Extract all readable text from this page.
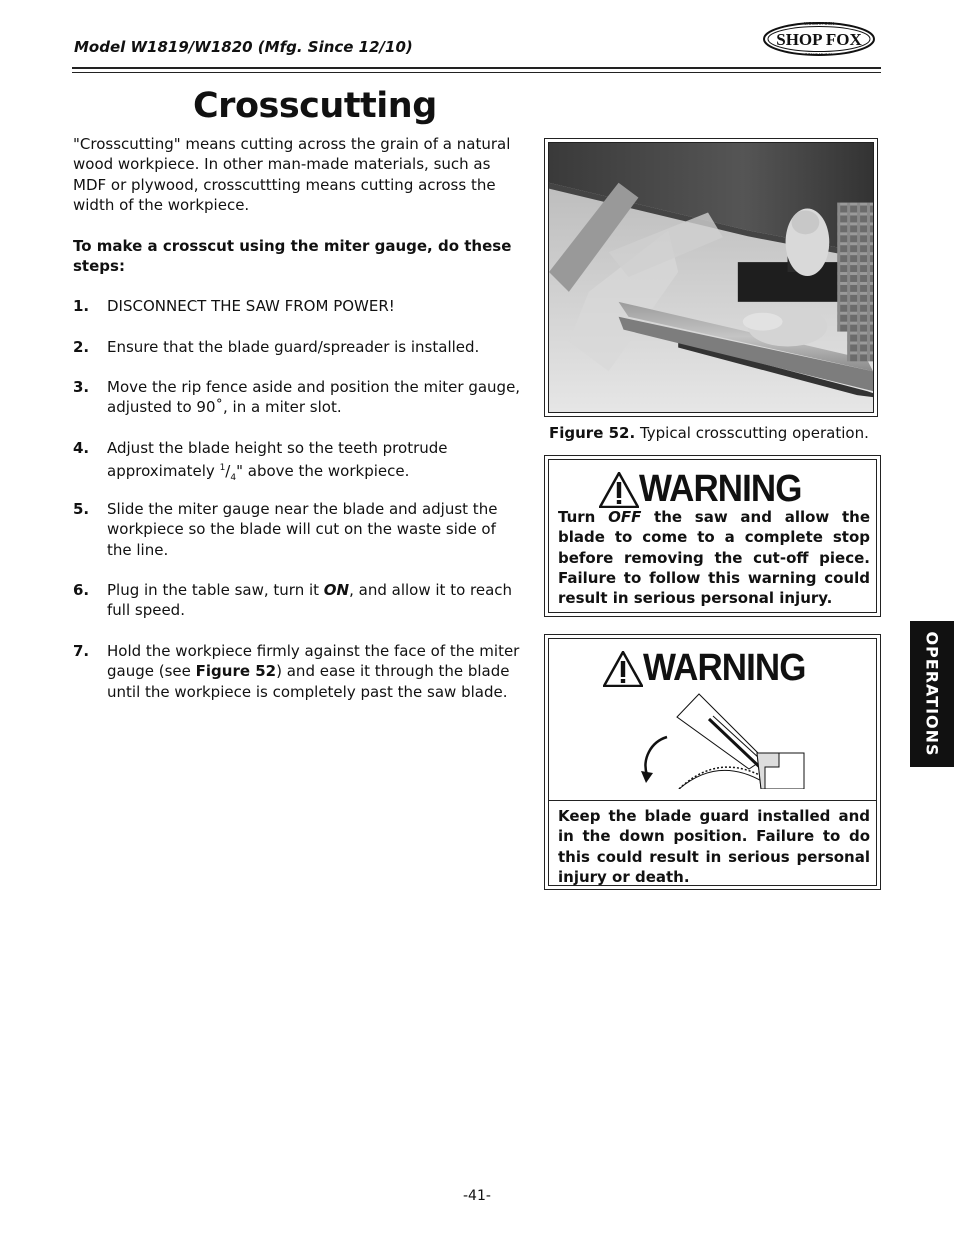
Model W1819/W1820 (Mfg. Since 12/10)	SHOP FOX
WOODSTOCK
INTERNATIONAL
Crosscutting
"Crosscutting" means cutting across the grain of a natural wood workpiece. In other man-made materials, such as MDF or plywood, crosscuttting means cutting across the width of the workpiece.
To make a crosscut using the miter gauge, do these steps:
1. DISCONNECT THE SAW FROM POWER!
2. Ensure that the blade guard/spreader is installed.
3. Move the rip fence aside and position the miter gauge, adjusted to 90˚, in a miter slot.
4. Adjust the blade height so the teeth protrude approximately $^1/_4$" above the workpiece.
5. Slide the miter gauge near the blade and adjust the workpiece so the blade will cut on the waste side of the line.
6. Plug in the table saw, turn it ON, and allow it to reach full speed.
7. Hold the workpiece firmly against the face of the miter gauge (see Figure 52) and ease it through the blade until the workpiece is completely past the saw blade.
Figure 52. Typical crosscutting operation.
WARNING
Turn OFF the saw and allow the blade to come to a complete stop before removing the cut-off piece. Failure to follow this warning could result in serious personal injury.
WARNING
Keep the blade guard installed and in the down position. Failure to do this could result in serious personal injury or death.
OPERATIONS
-41-
